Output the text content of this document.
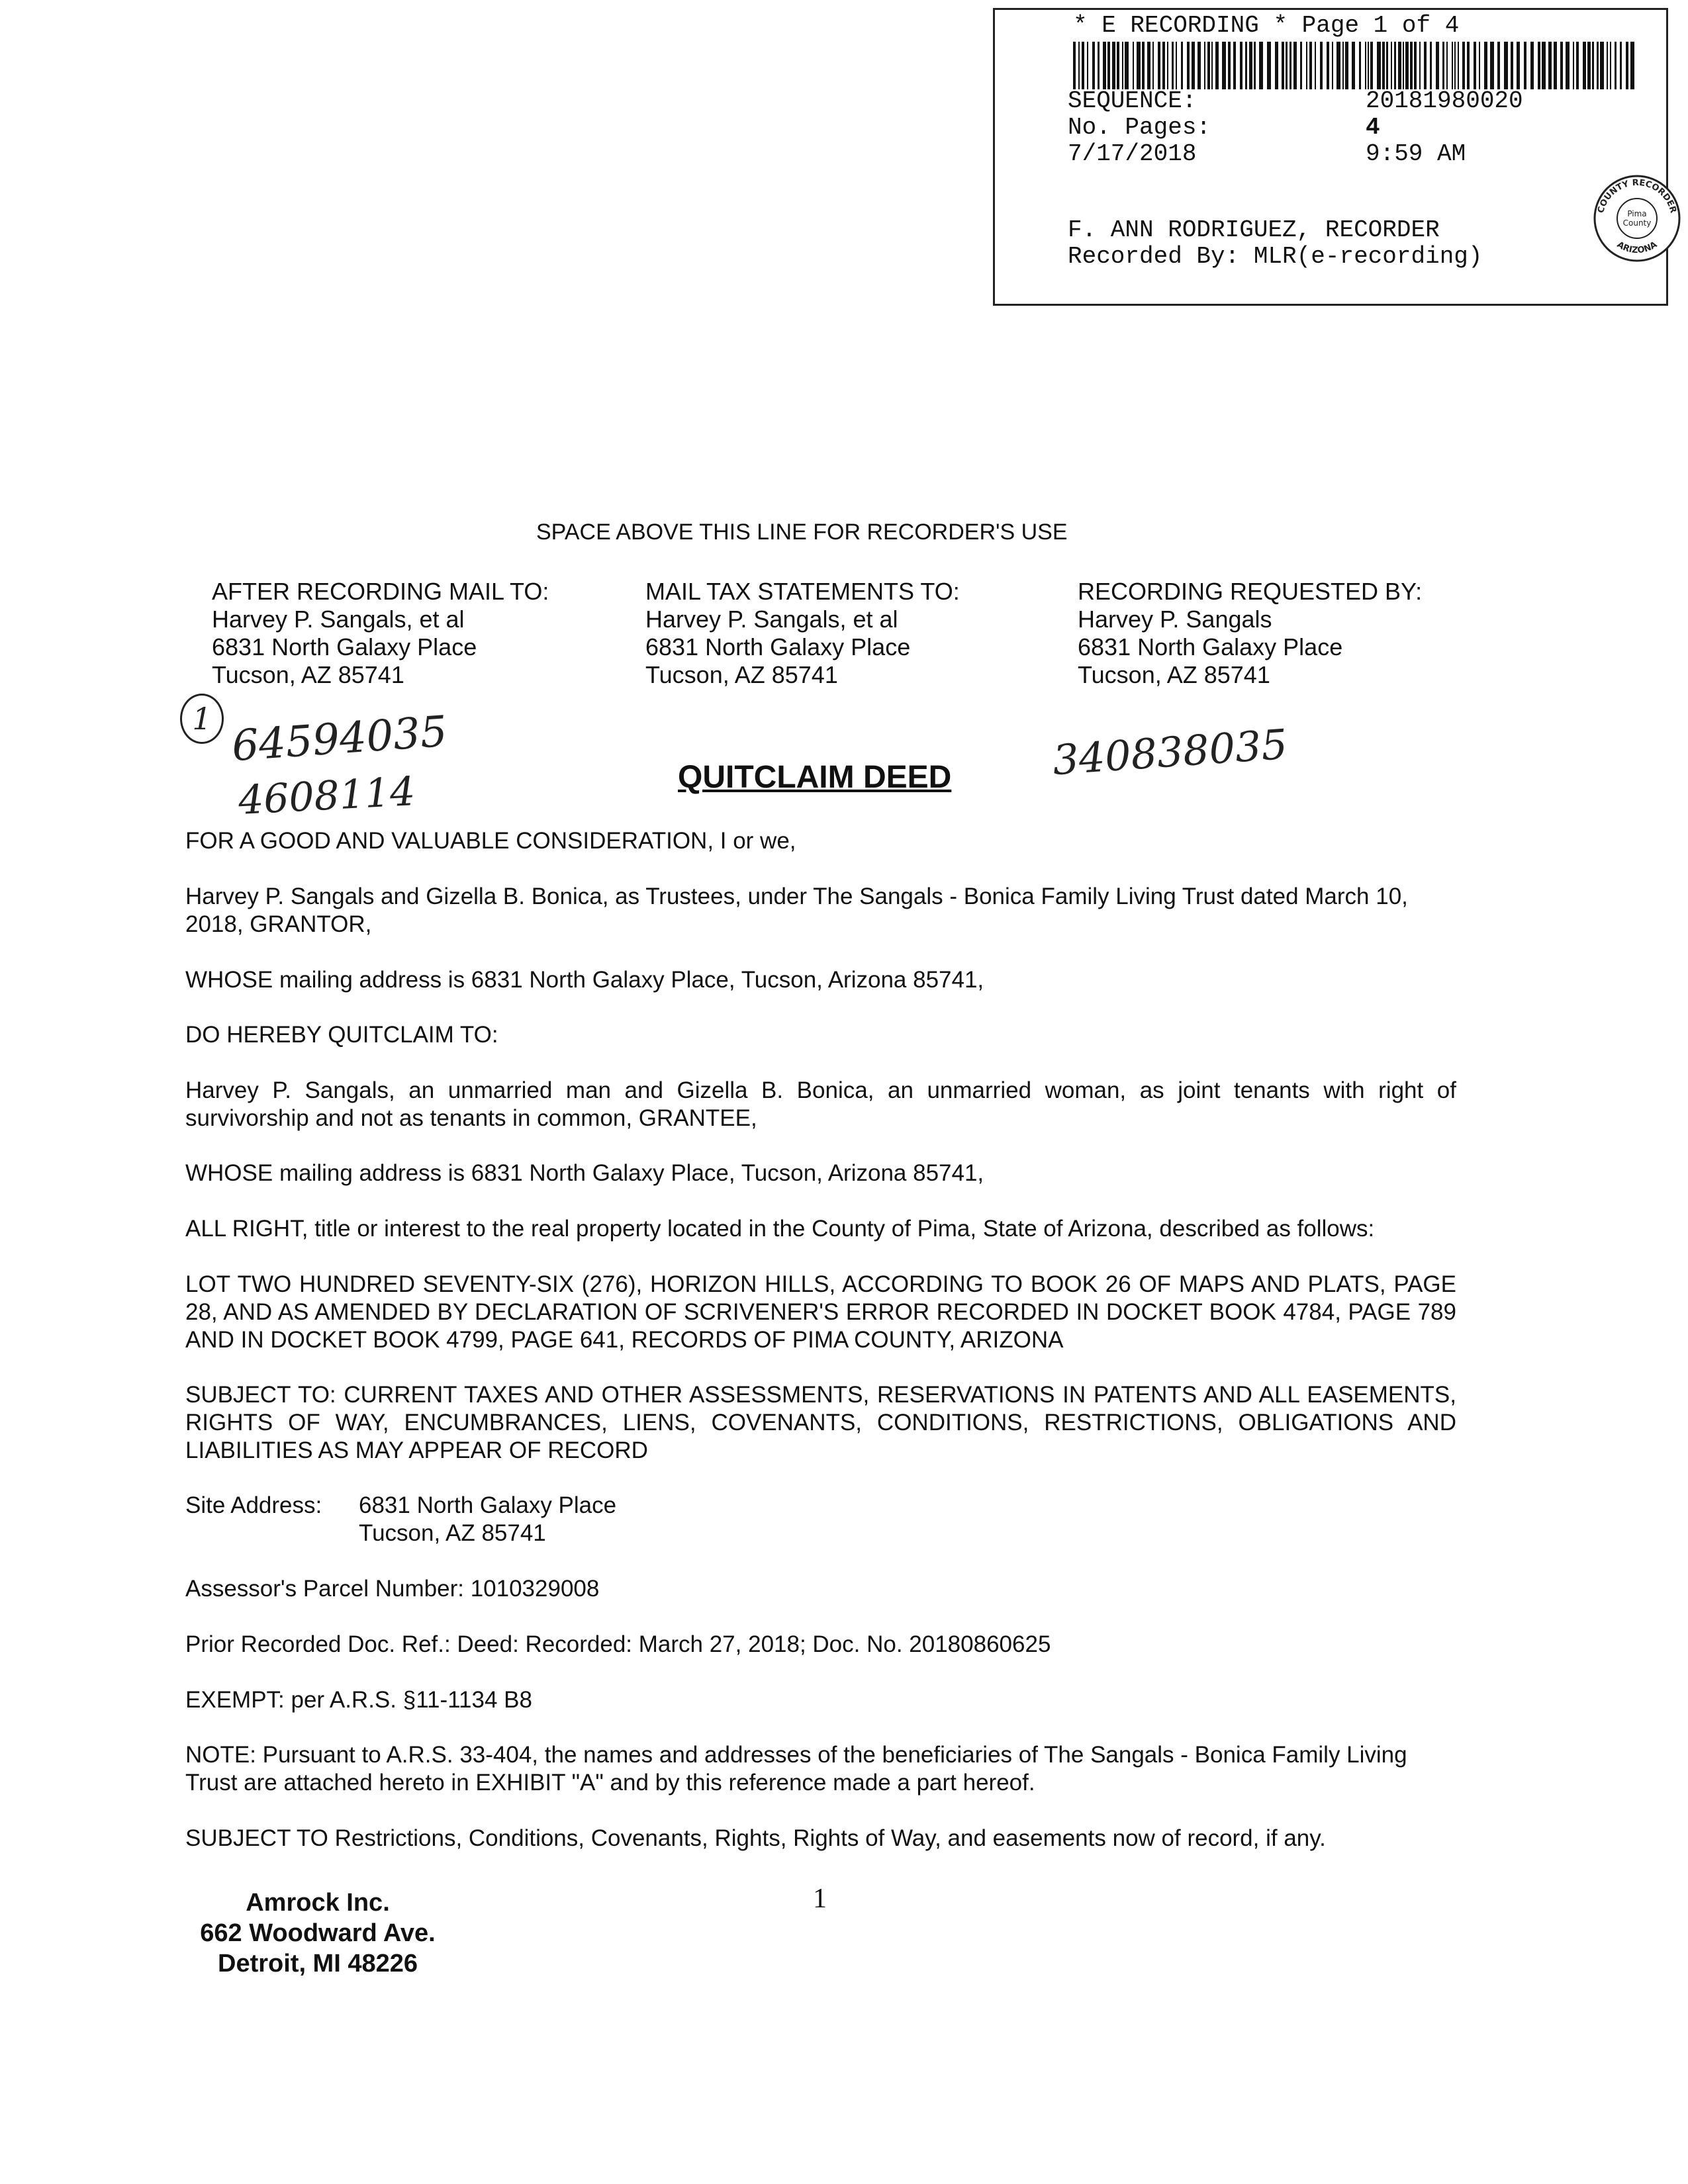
* E RECORDING * Page 1 of 4
SEQUENCE:	20181980020
No. Pages:	4
7/17/2018	9:59 AM
F. ANN RODRIGUEZ, RECORDER
Recorded By: MLR(e-recording)
COUNTY RECORDER
ARIZONA
Pima
County
SPACE ABOVE THIS LINE FOR RECORDER'S USE
AFTER RECORDING MAIL TO:
Harvey P. Sangals, et al
6831 North Galaxy Place
Tucson, AZ 85741
MAIL TAX STATEMENTS TO:
Harvey P. Sangals, et al
6831 North Galaxy Place
Tucson, AZ 85741
RECORDING REQUESTED BY:
Harvey P. Sangals
6831 North Galaxy Place
Tucson, AZ 85741
1 64594035
4608114
340838035
QUITCLAIM DEED
FOR A GOOD AND VALUABLE CONSIDERATION, I or we,
Harvey P. Sangals and Gizella B. Bonica, as Trustees, under The Sangals - Bonica Family Living Trust dated March 10, 2018, GRANTOR,
WHOSE mailing address is 6831 North Galaxy Place, Tucson, Arizona 85741,
DO HEREBY QUITCLAIM TO:
Harvey P. Sangals, an unmarried man and Gizella B. Bonica, an unmarried woman, as joint tenants with right of survivorship and not as tenants in common, GRANTEE,
WHOSE mailing address is 6831 North Galaxy Place, Tucson, Arizona 85741,
ALL RIGHT, title or interest to the real property located in the County of Pima, State of Arizona, described as follows:
LOT TWO HUNDRED SEVENTY-SIX (276), HORIZON HILLS, ACCORDING TO BOOK 26 OF MAPS AND PLATS, PAGE 28, AND AS AMENDED BY DECLARATION OF SCRIVENER'S ERROR RECORDED IN DOCKET BOOK 4784, PAGE 789 AND IN DOCKET BOOK 4799, PAGE 641, RECORDS OF PIMA COUNTY, ARIZONA
SUBJECT TO: CURRENT TAXES AND OTHER ASSESSMENTS, RESERVATIONS IN PATENTS AND ALL EASEMENTS, RIGHTS OF WAY, ENCUMBRANCES, LIENS, COVENANTS, CONDITIONS, RESTRICTIONS, OBLIGATIONS AND LIABILITIES AS MAY APPEAR OF RECORD
Site Address: 6831 North Galaxy Place
Tucson, AZ 85741
Assessor's Parcel Number: 1010329008
Prior Recorded Doc. Ref.: Deed: Recorded: March 27, 2018; Doc. No. 20180860625
EXEMPT: per A.R.S. §11-1134 B8
NOTE: Pursuant to A.R.S. 33-404, the names and addresses of the beneficiaries of The Sangals - Bonica Family Living Trust are attached hereto in EXHIBIT "A" and by this reference made a part hereof.
SUBJECT TO Restrictions, Conditions, Covenants, Rights, Rights of Way, and easements now of record, if any.
Amrock Inc.
662 Woodward Ave.
Detroit, MI 48226
1
